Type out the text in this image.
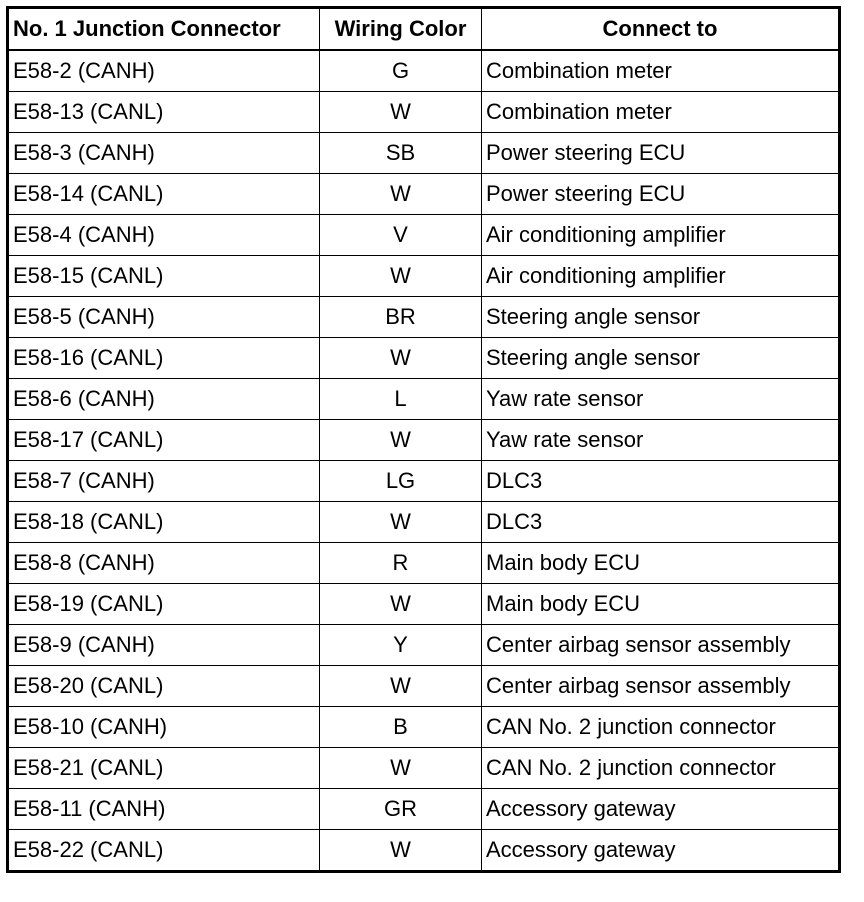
No. 1 Junction Connector	Wiring Color	Connect to
E58-2 (CANH)	G	Combination meter
E58-13 (CANL)	W	Combination meter
E58-3 (CANH)	SB	Power steering ECU
E58-14 (CANL)	W	Power steering ECU
E58-4 (CANH)	V	Air conditioning amplifier
E58-15 (CANL)	W	Air conditioning amplifier
E58-5 (CANH)	BR	Steering angle sensor
E58-16 (CANL)	W	Steering angle sensor
E58-6 (CANH)	L	Yaw rate sensor
E58-17 (CANL)	W	Yaw rate sensor
E58-7 (CANH)	LG	DLC3
E58-18 (CANL)	W	DLC3
E58-8 (CANH)	R	Main body ECU
E58-19 (CANL)	W	Main body ECU
E58-9 (CANH)	Y	Center airbag sensor assembly
E58-20 (CANL)	W	Center airbag sensor assembly
E58-10 (CANH)	B	CAN No. 2 junction connector
E58-21 (CANL)	W	CAN No. 2 junction connector
E58-11 (CANH)	GR	Accessory gateway
E58-22 (CANL)	W	Accessory gateway
